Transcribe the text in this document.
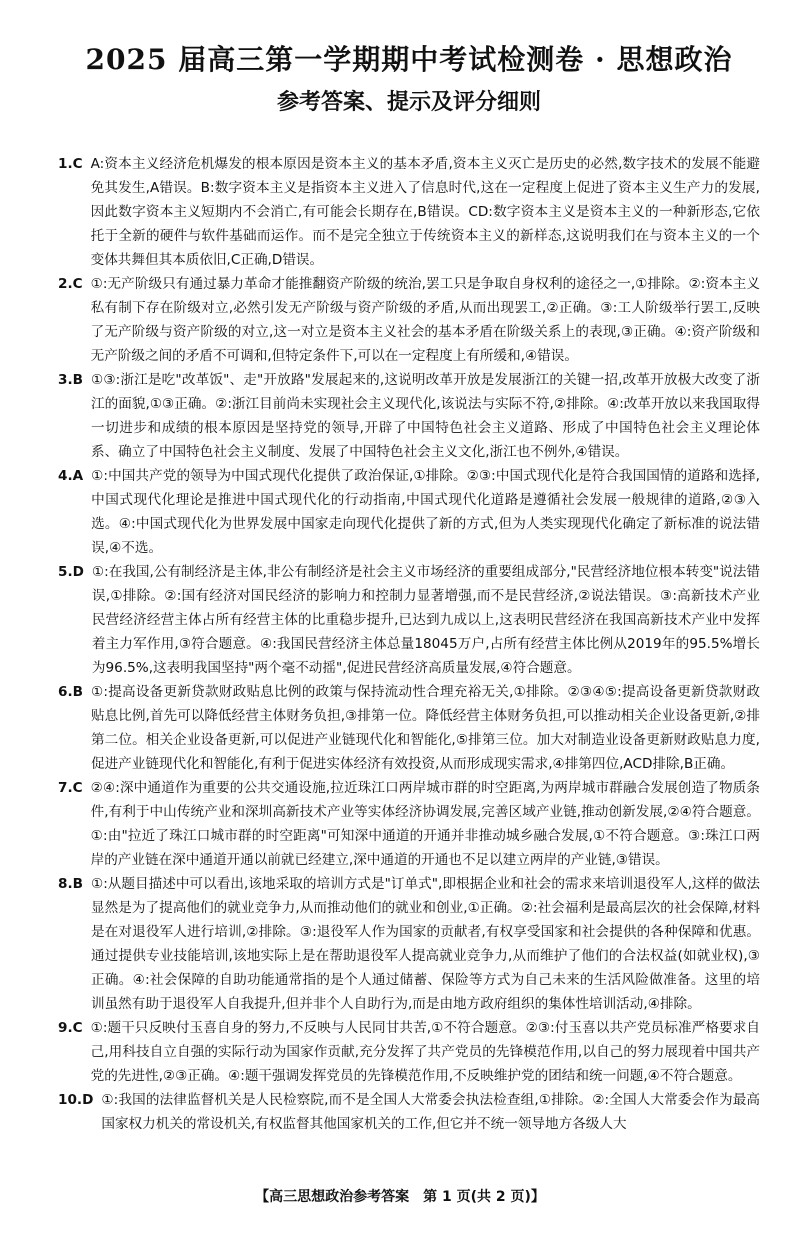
2025 届高三第一学期期中考试检测卷 · 思想政治
参考答案、提示及评分细则
1.C A:资本主义经济危机爆发的根本原因是资本主义的基本矛盾,资本主义灭亡是历史的必然,数字技术的发展不能避免其发生,A错误。B:数字资本主义是指资本主义进入了信息时代,这在一定程度上促进了资本主义生产力的发展,因此数字资本主义短期内不会消亡,有可能会长期存在,B错误。CD:数字资本主义是资本主义的一种新形态,它依托于全新的硬件与软件基础而运作。而不是完全独立于传统资本主义的新样态,这说明我们在与资本主义的一个变体共舞但其本质依旧,C正确,D错误。
2.C ①:无产阶级只有通过暴力革命才能推翻资产阶级的统治,罢工只是争取自身权利的途径之一,①排除。②:资本主义私有制下存在阶级对立,必然引发无产阶级与资产阶级的矛盾,从而出现罢工,②正确。③:工人阶级举行罢工,反映了无产阶级与资产阶级的对立,这一对立是资本主义社会的基本矛盾在阶级关系上的表现,③正确。④:资产阶级和无产阶级之间的矛盾不可调和,但特定条件下,可以在一定程度上有所缓和,④错误。
3.B ①③:浙江是吃"改革饭"、走"开放路"发展起来的,这说明改革开放是发展浙江的关键一招,改革开放极大改变了浙江的面貌,①③正确。②:浙江目前尚未实现社会主义现代化,该说法与实际不符,②排除。④:改革开放以来我国取得一切进步和成绩的根本原因是坚持党的领导,开辟了中国特色社会主义道路、形成了中国特色社会主义理论体系、确立了中国特色社会主义制度、发展了中国特色社会主义文化,浙江也不例外,④错误。
4.A ①:中国共产党的领导为中国式现代化提供了政治保证,①排除。②③:中国式现代化是符合我国国情的道路和选择,中国式现代化理论是推进中国式现代化的行动指南,中国式现代化道路是遵循社会发展一般规律的道路,②③入选。④:中国式现代化为世界发展中国家走向现代化提供了新的方式,但为人类实现现代化确定了新标准的说法错误,④不选。
5.D ①:在我国,公有制经济是主体,非公有制经济是社会主义市场经济的重要组成部分,"民营经济地位根本转变"说法错误,①排除。②:国有经济对国民经济的影响力和控制力显著增强,而不是民营经济,②说法错误。③:高新技术产业民营经济经营主体占所有经营主体的比重稳步提升,已达到九成以上,这表明民营经济在我国高新技术产业中发挥着主力军作用,③符合题意。④:我国民营经济主体总量18045万户,占所有经营主体比例从2019年的95.5%增长为96.5%,这表明我国坚持"两个毫不动摇",促进民营经济高质量发展,④符合题意。
6.B ①:提高设备更新贷款财政贴息比例的政策与保持流动性合理充裕无关,①排除。②③④⑤:提高设备更新贷款财政贴息比例,首先可以降低经营主体财务负担,③排第一位。降低经营主体财务负担,可以推动相关企业设备更新,②排第二位。相关企业设备更新,可以促进产业链现代化和智能化,⑤排第三位。加大对制造业设备更新财政贴息力度,促进产业链现代化和智能化,有利于促进实体经济有效投资,从而形成现实需求,④排第四位,ACD排除,B正确。
7.C ②④:深中通道作为重要的公共交通设施,拉近珠江口两岸城市群的时空距离,为两岸城市群融合发展创造了物质条件,有利于中山传统产业和深圳高新技术产业等实体经济协调发展,完善区域产业链,推动创新发展,②④符合题意。①:由"拉近了珠江口城市群的时空距离"可知深中通道的开通并非推动城乡融合发展,①不符合题意。③:珠江口两岸的产业链在深中通道开通以前就已经建立,深中通道的开通也不足以建立两岸的产业链,③错误。
8.B ①:从题目描述中可以看出,该地采取的培训方式是"订单式",即根据企业和社会的需求来培训退役军人,这样的做法显然是为了提高他们的就业竞争力,从而推动他们的就业和创业,①正确。②:社会福利是最高层次的社会保障,材料是在对退役军人进行培训,②排除。③:退役军人作为国家的贡献者,有权享受国家和社会提供的各种保障和优惠。通过提供专业技能培训,该地实际上是在帮助退役军人提高就业竞争力,从而维护了他们的合法权益(如就业权),③正确。④:社会保障的自助功能通常指的是个人通过储蓄、保险等方式为自己未来的生活风险做准备。这里的培训虽然有助于退役军人自我提升,但并非个人自助行为,而是由地方政府组织的集体性培训活动,④排除。
9.C ①:题干只反映付玉喜自身的努力,不反映与人民同甘共苦,①不符合题意。②③:付玉喜以共产党员标准严格要求自己,用科技自立自强的实际行动为国家作贡献,充分发挥了共产党员的先锋模范作用,以自己的努力展现着中国共产党的先进性,②③正确。④:题干强调发挥党员的先锋模范作用,不反映维护党的团结和统一问题,④不符合题意。
10.D ①:我国的法律监督机关是人民检察院,而不是全国人大常委会执法检查组,①排除。②:全国人大常委会作为最高国家权力机关的常设机关,有权监督其他国家机关的工作,但它并不统一领导地方各级人大
【高三思想政治参考答案　第 1 页(共 2 页)】
